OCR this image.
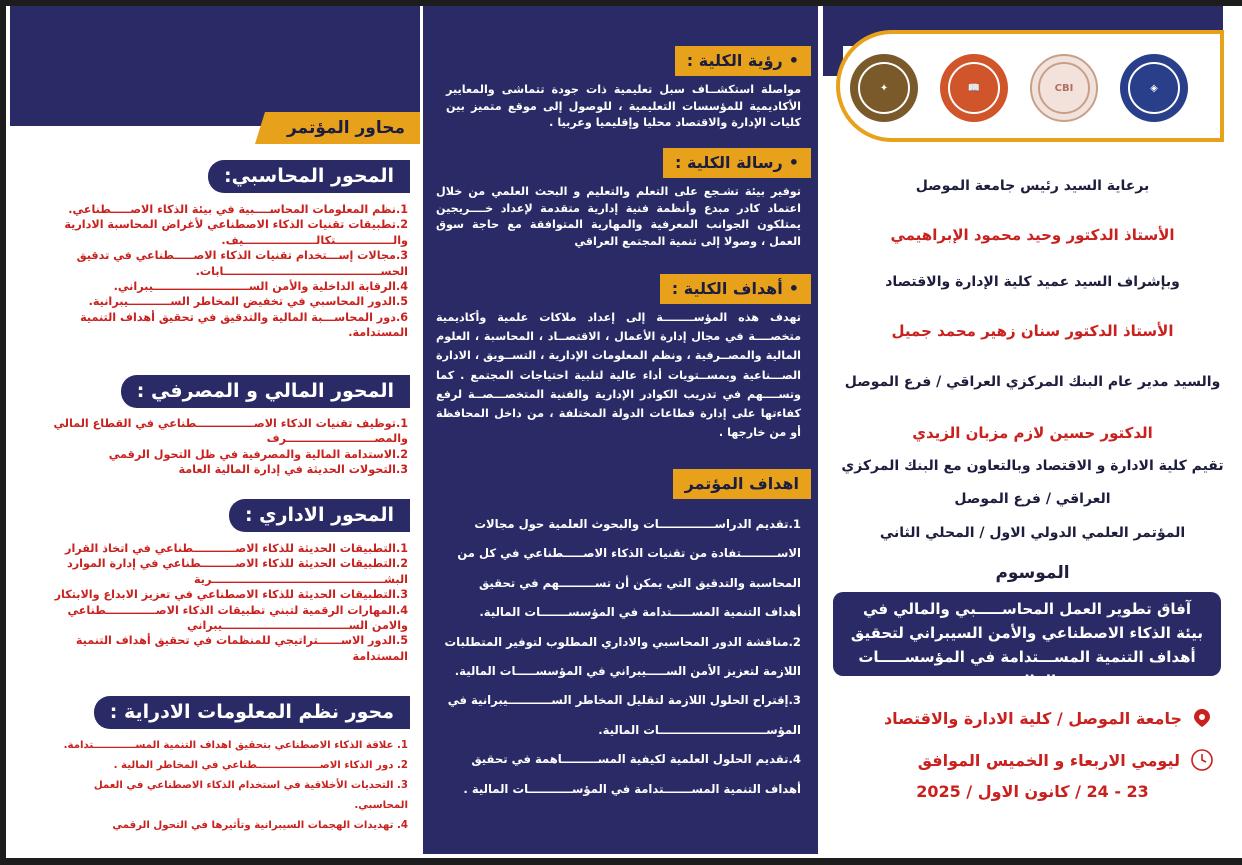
محاور المؤتمر
المحور المحاسبي:
1.نظم المعلومات المحاســــبية في بيئة الذكاء الاصـــــطناعي.
2.تطبيقات تقنيات الذكاء الاصطناعي لأغراض المحاسبة الادارية والـــــــــــــــتكالـــــــــــــــــــيف.
3.مجالات إســـتخدام تقنيات الذكاء الاصـــــطناعي في تدقيق الحســـــــــــــــــــــــــــــــــــــــــابات.
4.الرقابة الداخلية والأمن الســـــــــــــــــــــــــيبراني.
5.الدور المحاسبي في تخفيض المخاطر الســـــــــــيبرانية.
6.دور المحاســـبة المالية والتدقيق في تحقيق أهداف التنمية المستدامة.
المحور المالي و المصرفي :
1.توظيف تقنيات الذكاء الاصـــــــــــــــطناعي في القطاع المالي والمصـــــــــــــــــــــــرف
2.الاستدامة المالية والمصرفية في ظل التحول الرقمي
3.التحولات الحديثة في إدارة المالية العامة
المحور الاداري :
1.التطبيقات الحديثة للذكاء الاصـــــــــــطناعي في اتخاذ القرار
2.التطبيقات الحديثة للذكاء الاصـــــــــطناعي في إدارة الموارد البشـــــــــــــــــــــــــــــــــــــــــــــرية
3.التطبيقات الحديثة للذكاء الاصطناعي في تعزيز الابداع والابتكار
4.المهارات الرقمية لتبني تطبيقات الذكاء الاصـــــــــــــطناعي والامن الســـــــــــــــــــــــــــــــــيبراني
5.الدور الاســــــتراتيجي للمنظمات في تحقيق أهداف التنمية المستدامة
محور نظم المعلومات الادراية :
1. علاقة الذكاء الاصطناعي بتحقيق اهداف التنمية المســــــــــــتدامة.
2. دور الذكاء الاصــــــــــــــــــطناعي في المخاطر المالية .
3. التحديات الأخلاقية في استخدام الذكاء الاصطناعي في العمل المحاسبي.
4. تهديدات الهجمات السيبرانية وتأثيرها في التحول الرقمي
•رؤية الكلية :

مواصلة استكشــاف سبل تعليمية ذات جودة تتماشى والمعايير الأكاديمية للمؤسسات التعليمية ، للوصول إلى موقع متميز بين كليات الإدارة والاقتصاد محليا وإقليميا وعربيا .

•رسالة الكلية :

توفير بيئة تشـجع على التعلم والتعليم و البحث العلمي من خلال اعتماد كادر مبدع وأنظمة فنية إدارية متقدمة لإعداد خــــريجين يمتلكون الجوانب المعرفية والمهارية المتوافقة مع حاجة سوق العمل ، وصولا إلى تنمية المجتمع العراقي

•أهداف الكلية :

تهدف هذه المؤســــــــة إلى إعداد ملاكات علمية وأكاديمية متخصــــة في مجال إدارة الأعمال ، الاقتصــاد ، المحاسبة ، العلوم المالية والمصــرفية ، ونظم المعلومات الإدارية ، التســويق ، الادارة الصـــناعية وبمســتويات أداء عالية لتلبية احتياجات المجتمع . كما وتســــهم في تدريب الكوادر الإدارية والفنية المتخصـــصــة لرفع كفاءتها على إدارة قطاعات الدولة المختلفة ، من داخل المحافظة أو من خارجها .

اهداف المؤتمر
1.تقديم الدراســــــــــــــات والبحوث العلمية حول مجالات الاســـــــــتفادة من تقنيات الذكاء الاصـــــطناعي في كل من المحاسبة والتدقيق التي يمكن أن تســـــــــهم في تحقيق أهداف التنمية المســـــتدامة في المؤسســـــــات المالية.
2.مناقشة الدور المحاسبي والاداري المطلوب لتوفير المتطلبات اللازمة لتعزيز الأمن الســـــيبراني في المؤسســـــات المالية.
3.إقتراح الحلول اللازمة لتقليل المخاطر الســـــــــــيبرانية في المؤســـــــــــــــــــــــــــات المالية.
4.تقديم الحلول العلمية لكيفية المســـــــــاهمة في تحقيق أهداف التنمية المســـــــتدامة في المؤســـــــــــات المالية .
✦	📖	CBI	◈
برعاية السيد رئيس جامعة الموصل
الأستاذ الدكتور وحيد محمود الإبراهيمي
وبإشراف السيد عميد كلية الإدارة والاقتصاد
الأستاذ الدكتور سنان زهير محمد جميل
والسيد مدير عام البنك المركزي العراقي / فرع الموصل
الدكتور حسين لازم مزبان الزيدي
تقيم كلية الادارة و الاقتصاد وبالتعاون مع البنك المركزي
العراقي / فرع الموصل
المؤتمر العلمي الدولي الاول / المحلي الثاني
الموسوم
آفاق تطوير العمل المحاســـــبي والمالي في بيئة الذكاء الاصطناعي والأمن السيبراني لتحقيق أهداف التنمية المســـتدامة في المؤسســـــات المالية .
جامعة الموصل / كلية الادارة والاقتصاد
ليومي الاربعاء و الخميس الموافق
23 - 24 / كانون الاول / 2025
